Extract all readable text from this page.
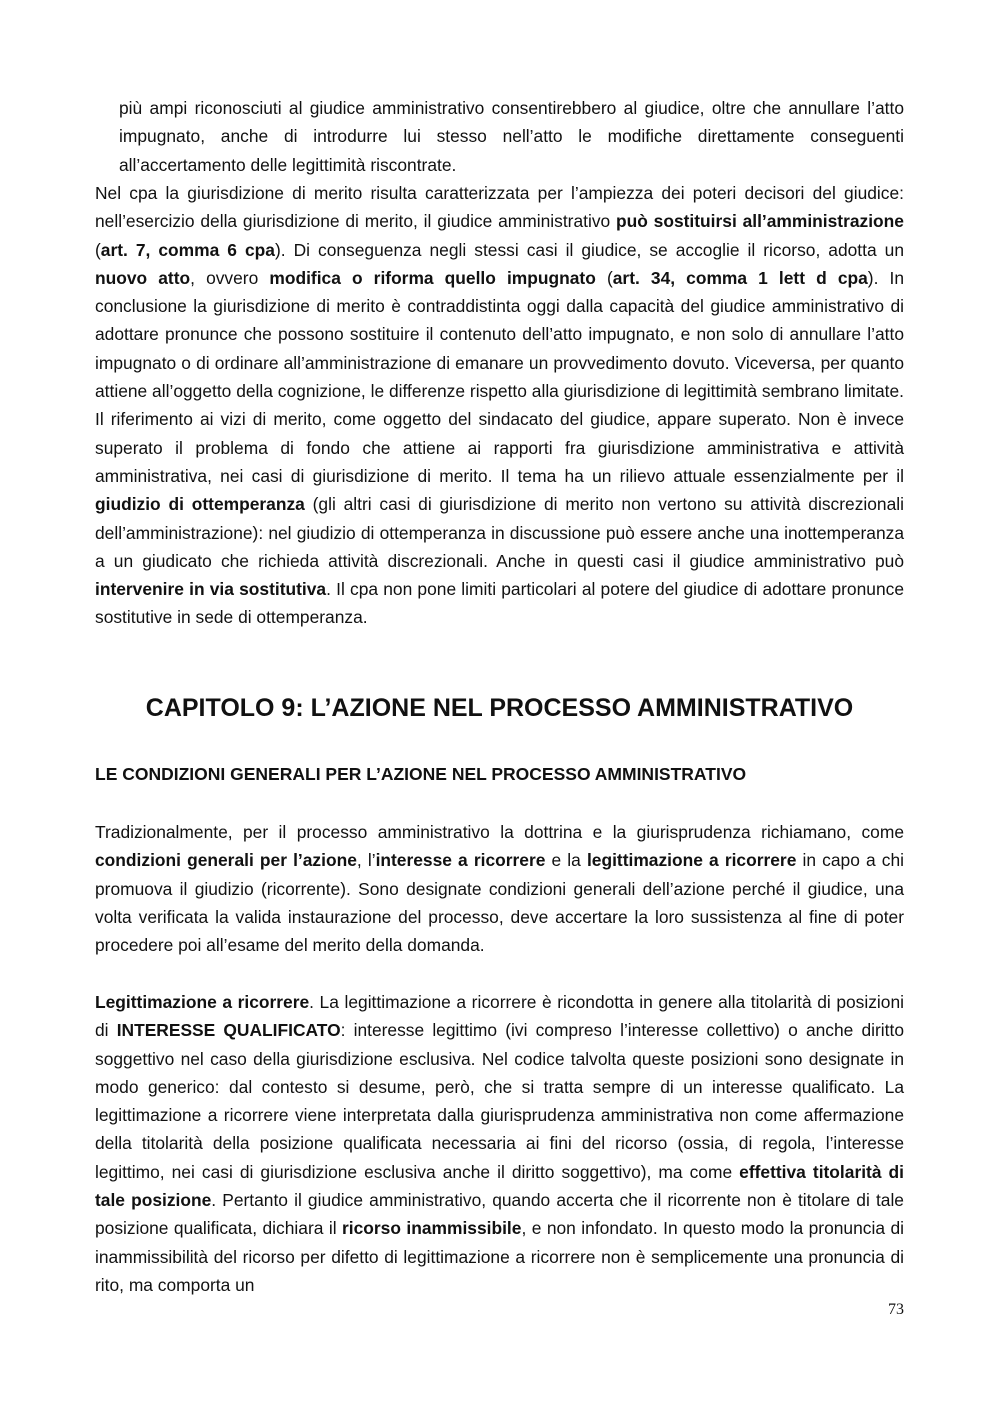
più ampi riconosciuti al giudice amministrativo consentirebbero al giudice, oltre che annullare l’atto impugnato, anche di introdurre lui stesso nell’atto le modifiche direttamente conseguenti all’accertamento delle legittimità riscontrate.

Nel cpa la giurisdizione di merito risulta caratterizzata per l’ampiezza dei poteri decisori del giudice: nell’esercizio della giurisdizione di merito, il giudice amministrativo può sostituirsi all’amministrazione (art. 7, comma 6 cpa). Di conseguenza negli stessi casi il giudice, se accoglie il ricorso, adotta un nuovo atto, ovvero modifica o riforma quello impugnato (art. 34, comma 1 lett d cpa). In conclusione la giurisdizione di merito è contraddistinta oggi dalla capacità del giudice amministrativo di adottare pronunce che possono sostituire il contenuto dell’atto impugnato, e non solo di annullare l’atto impugnato o di ordinare all’amministrazione di emanare un provvedimento dovuto. Viceversa, per quanto attiene all’oggetto della cognizione, le differenze rispetto alla giurisdizione di legittimità sembrano limitate. Il riferimento ai vizi di merito, come oggetto del sindacato del giudice, appare superato. Non è invece superato il problema di fondo che attiene ai rapporti fra giurisdizione amministrativa e attività amministrativa, nei casi di giurisdizione di merito. Il tema ha un rilievo attuale essenzialmente per il giudizio di ottemperanza (gli altri casi di giurisdizione di merito non vertono su attività discrezionali dell’amministrazione): nel giudizio di ottemperanza in discussione può essere anche una inottemperanza a un giudicato che richieda attività discrezionali. Anche in questi casi il giudice amministrativo può intervenire in via sostitutiva. Il cpa non pone limiti particolari al potere del giudice di adottare pronunce sostitutive in sede di ottemperanza.

CAPITOLO 9: L’AZIONE NEL PROCESSO AMMINISTRATIVO
LE CONDIZIONI GENERALI PER L’AZIONE NEL PROCESSO AMMINISTRATIVO

Tradizionalmente, per il processo amministrativo la dottrina e la giurisprudenza richiamano, come condizioni generali per l’azione, l’interesse a ricorrere e la legittimazione a ricorrere in capo a chi promuova il giudizio (ricorrente). Sono designate condizioni generali dell’azione perché il giudice, una volta verificata la valida instaurazione del processo, deve accertare la loro sussistenza al fine di poter procedere poi all’esame del merito della domanda.

Legittimazione a ricorrere. La legittimazione a ricorrere è ricondotta in genere alla titolarità di posizioni di INTERESSE QUALIFICATO: interesse legittimo (ivi compreso l’interesse collettivo) o anche diritto soggettivo nel caso della giurisdizione esclusiva. Nel codice talvolta queste posizioni sono designate in modo generico: dal contesto si desume, però, che si tratta sempre di un interesse qualificato. La legittimazione a ricorrere viene interpretata dalla giurisprudenza amministrativa non come affermazione della titolarità della posizione qualificata necessaria ai fini del ricorso (ossia, di regola, l’interesse legittimo, nei casi di giurisdizione esclusiva anche il diritto soggettivo), ma come effettiva titolarità di tale posizione. Pertanto il giudice amministrativo, quando accerta che il ricorrente non è titolare di tale posizione qualificata, dichiara il ricorso inammissibile, e non infondato. In questo modo la pronuncia di inammissibilità del ricorso per difetto di legittimazione a ricorrere non è semplicemente una pronuncia di rito, ma comporta un

73
